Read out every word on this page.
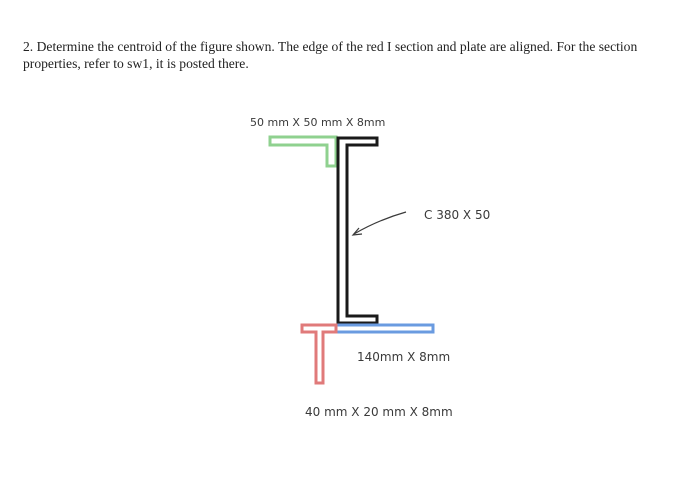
2. Determine the centroid of the figure shown. The edge of the red I section and plate are aligned. For the section properties, refer to sw1, it is posted there.
50 mm X 50 mm X 8mm
C 380 X 50
140mm X 8mm
40 mm X 20 mm X 8mm
